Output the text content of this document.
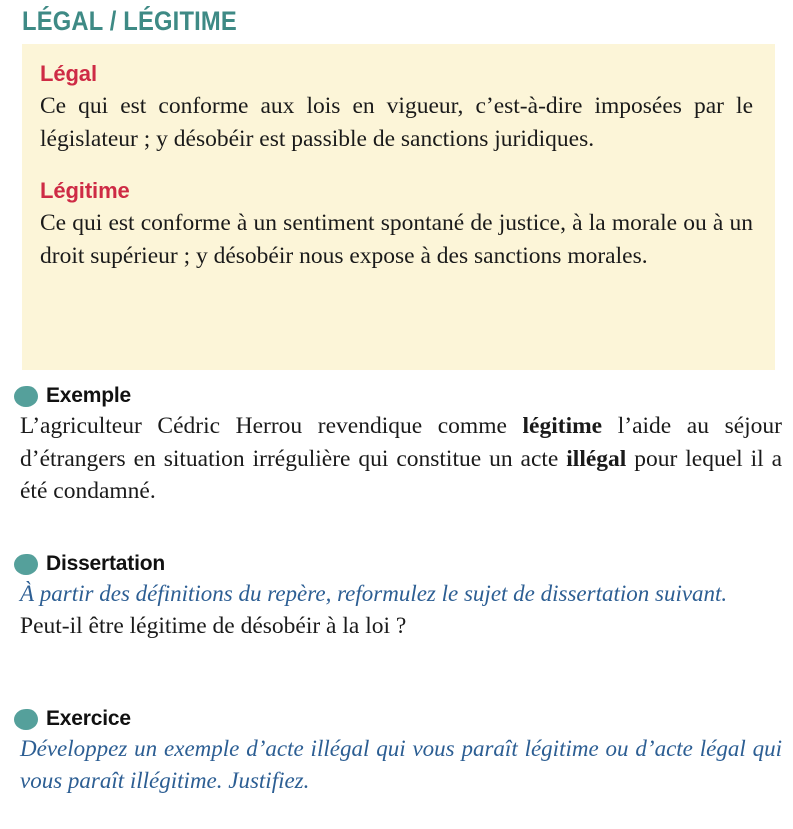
LÉGAL / LÉGITIME
Légal

Ce qui est conforme aux lois en vigueur, c’est-à-dire imposées par le législateur ; y désobéir est passible de sanctions juridiques.

Légitime

Ce qui est conforme à un sentiment spontané de justice, à la morale ou à un droit supérieur ; y désobéir nous expose à des sanctions morales.

Exemple

L’agriculteur Cédric Herrou revendique comme légitime l’aide au séjour d’étrangers en situation irrégulière qui constitue un acte illégal pour lequel il a été condamné.

Dissertation

À partir des définitions du repère, reformulez le sujet de dissertation suivant.

Peut-il être légitime de désobéir à la loi ?

Exercice

Développez un exemple d’acte illégal qui vous paraît légitime ou d’acte légal qui vous paraît illégitime. Justifiez.
